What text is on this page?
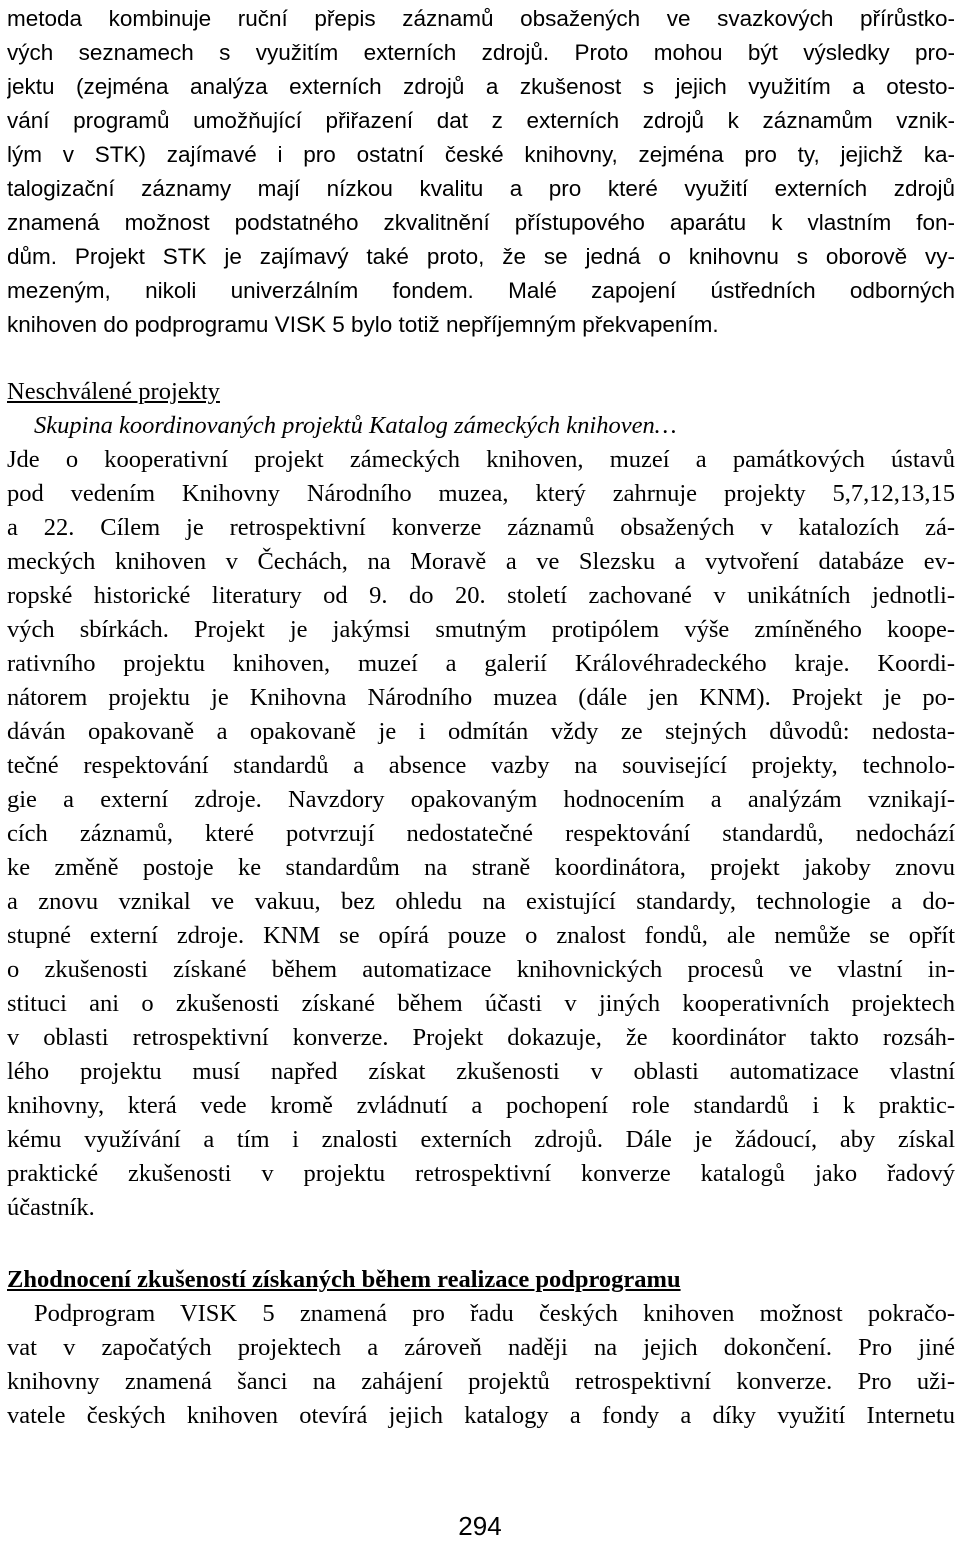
metoda kombinuje ruční přepis záznamů obsažených ve svazkových přírůstko-
vých seznamech s využitím externích zdrojů. Proto mohou být výsledky pro-
jektu (zejména analýza externích zdrojů a zkušenost s jejich využitím a otesto-
vání programů umožňující přiřazení dat z externích zdrojů k záznamům vznik-
lým v STK) zajímavé i pro ostatní české knihovny, zejména pro ty, jejichž ka-
talogizační záznamy mají nízkou kvalitu a pro které využití externích zdrojů
znamená možnost podstatného zkvalitnění přístupového aparátu k vlastním fon-
dům. Projekt STK je zajímavý také proto, že se jedná o knihovnu s oborově vy-
mezeným, nikoli univerzálním fondem. Malé zapojení ústředních odborných
knihoven do podprogramu VISK 5 bylo totiž nepříjemným překvapením.

Neschválené projekty

Skupina koordinovaných projektů Katalog zámeckých knihoven…

Jde o kooperativní projekt zámeckých knihoven, muzeí a památkových ústavů
pod vedením Knihovny Národního muzea, který zahrnuje projekty 5,7,12,13,15
a 22. Cílem je retrospektivní konverze záznamů obsažených v katalozích zá-
meckých knihoven v Čechách, na Moravě a ve Slezsku a vytvoření databáze ev-
ropské historické literatury od 9. do 20. století zachované v unikátních jednotli-
vých sbírkách. Projekt je jakýmsi smutným protipólem výše zmíněného koope-
rativního projektu knihoven, muzeí a galerií Královéhradeckého kraje. Koordi-
nátorem projektu je Knihovna Národního muzea (dále jen KNM). Projekt je po-
dáván opakovaně a opakovaně je i odmítán vždy ze stejných důvodů: nedosta-
tečné respektování standardů a absence vazby na související projekty, technolo-
gie a externí zdroje. Navzdory opakovaným hodnocením a analýzám vznikají-
cích záznamů, které potvrzují nedostatečné respektování standardů, nedochází
ke změně postoje ke standardům na straně koordinátora, projekt jakoby znovu
a znovu vznikal ve vakuu, bez ohledu na existující standardy, technologie a do-
stupné externí zdroje. KNM se opírá pouze o znalost fondů, ale nemůže se opřít
o zkušenosti získané během automatizace knihovnických procesů ve vlastní in-
stituci ani o zkušenosti získané během účasti v jiných kooperativních projektech
v oblasti retrospektivní konverze. Projekt dokazuje, že koordinátor takto rozsáh-
lého projektu musí napřed získat zkušenosti v oblasti automatizace vlastní
knihovny, která vede kromě zvládnutí a pochopení role standardů i k praktic-
kému využívání a tím i znalosti externích zdrojů. Dále je žádoucí, aby získal
praktické zkušenosti v projektu retrospektivní konverze katalogů jako řadový
účastník.

Zhodnocení zkušeností získaných během realizace podprogramu

Podprogram VISK 5 znamená pro řadu českých knihoven možnost pokračo-
vat v započatých projektech a zároveň naději na jejich dokončení. Pro jiné
knihovny znamená šanci na zahájení projektů retrospektivní konverze. Pro uži-
vatele českých knihoven otevírá jejich katalogy a fondy a díky využití Internetu
294
